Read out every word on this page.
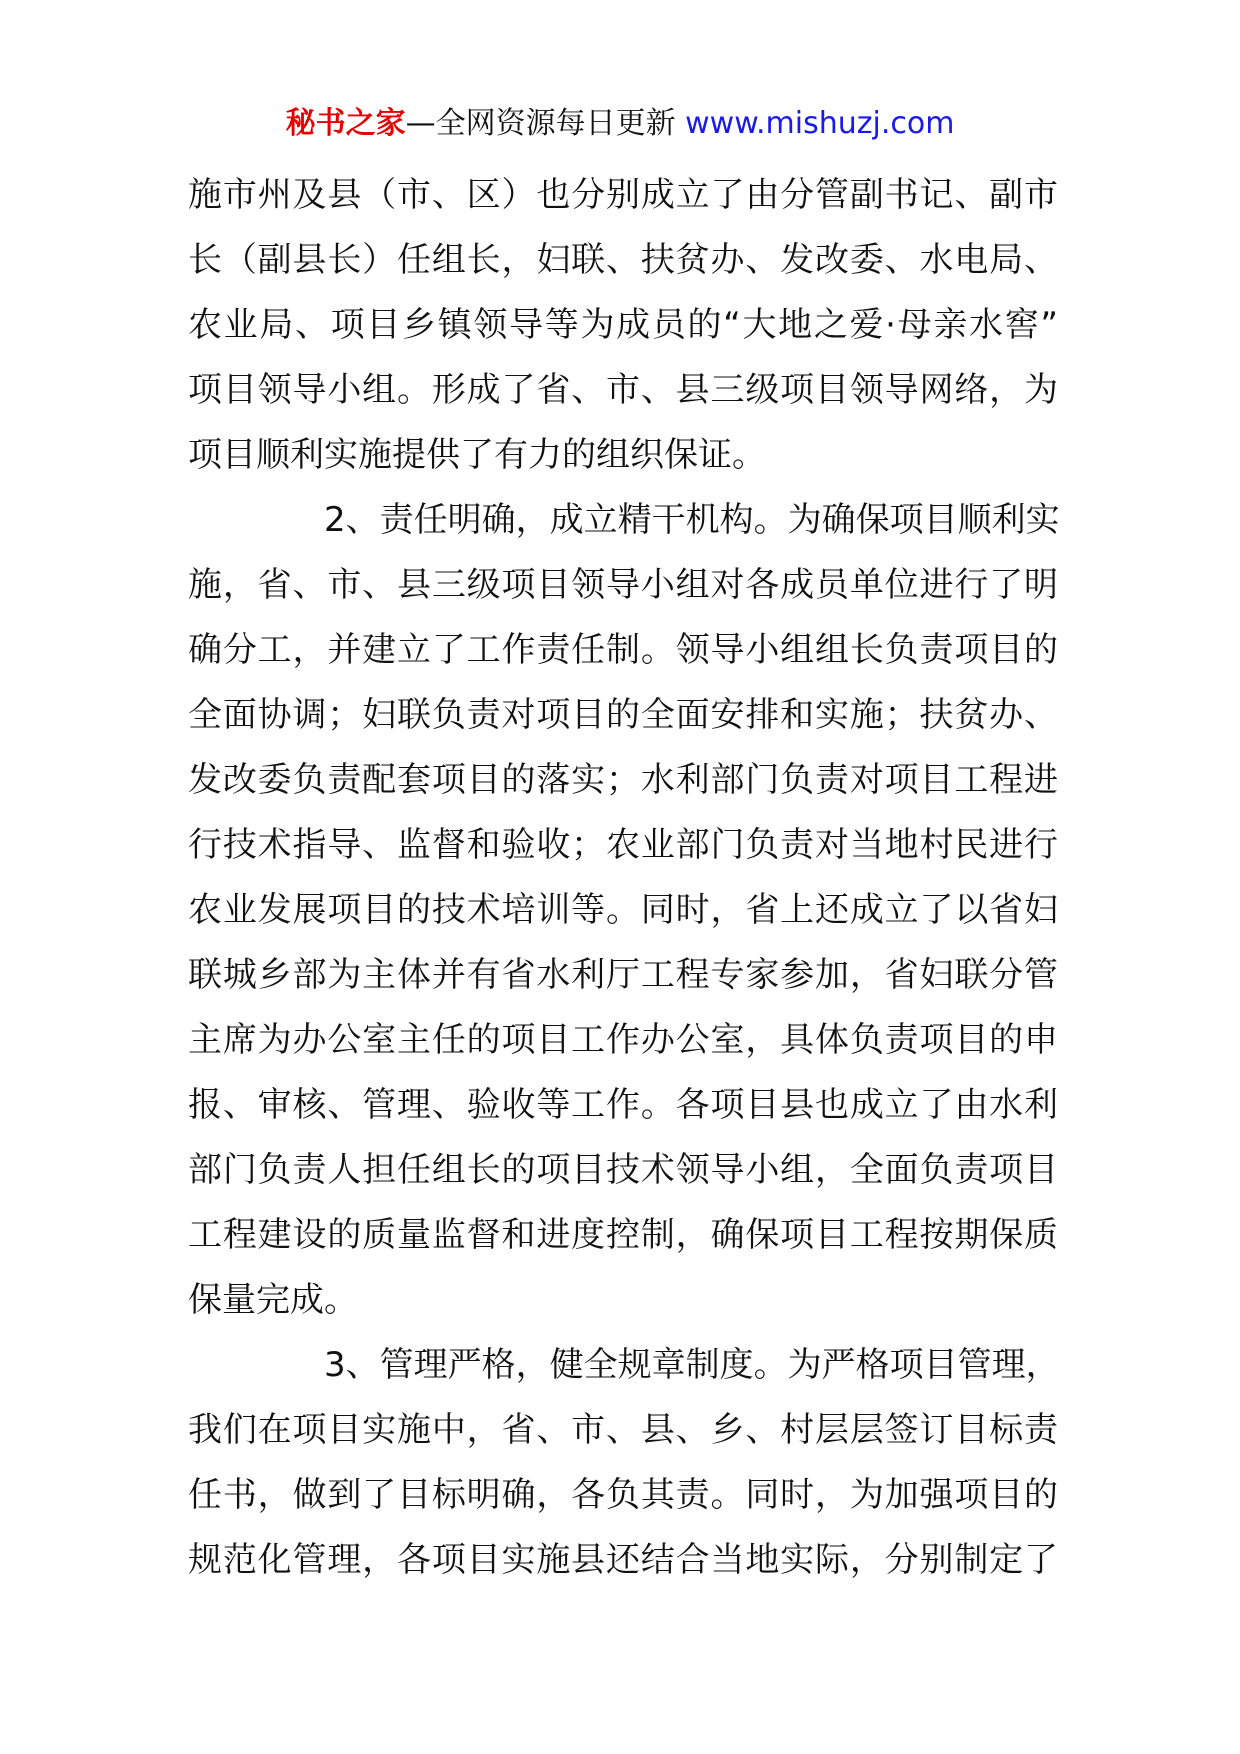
秘书之家—全网资源每日更新 www.mishuzj.com
施市州及县（市、区）也分别成立了由分管副书记、副市
长（副县长）任组长，妇联、扶贫办、发改委、水电局、
农业局、项目乡镇领导等为成员的“大地之爱·母亲水窖”
项目领导小组。形成了省、市、县三级项目领导网络，为
项目顺利实施提供了有力的组织保证。
2、责任明确，成立精干机构。为确保项目顺利实
施，省、市、县三级项目领导小组对各成员单位进行了明
确分工，并建立了工作责任制。领导小组组长负责项目的
全面协调；妇联负责对项目的全面安排和实施；扶贫办、
发改委负责配套项目的落实；水利部门负责对项目工程进
行技术指导、监督和验收；农业部门负责对当地村民进行
农业发展项目的技术培训等。同时，省上还成立了以省妇
联城乡部为主体并有省水利厅工程专家参加，省妇联分管
主席为办公室主任的项目工作办公室，具体负责项目的申
报、审核、管理、验收等工作。各项目县也成立了由水利
部门负责人担任组长的项目技术领导小组，全面负责项目
工程建设的质量监督和进度控制，确保项目工程按期保质
保量完成。
3、管理严格，健全规章制度。为严格项目管理，
我们在项目实施中，省、市、县、乡、村层层签订目标责
任书，做到了目标明确，各负其责。同时，为加强项目的
规范化管理，各项目实施县还结合当地实际，分别制定了
